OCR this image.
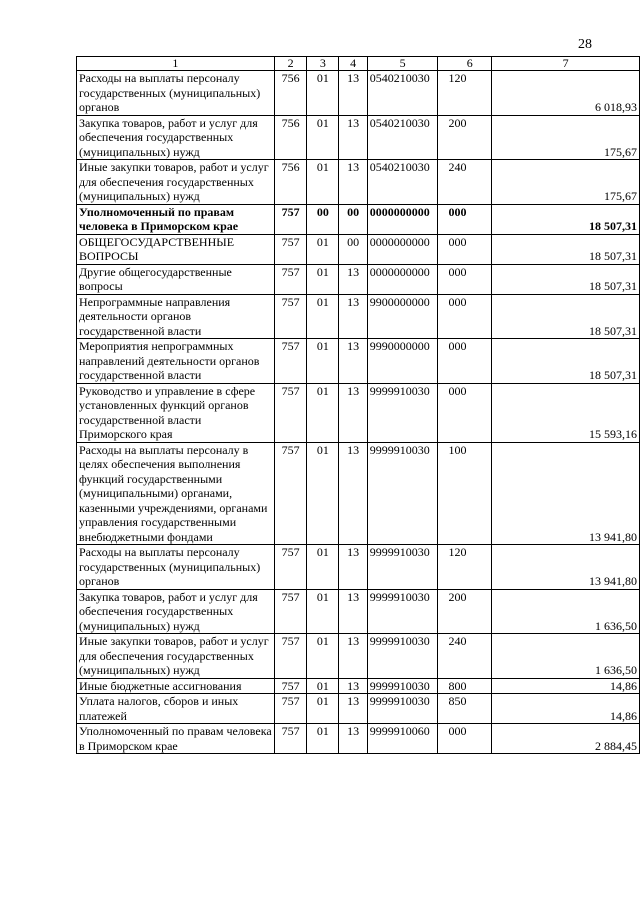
28
1	2	3	4	5	6	7
Расходы на выплаты персоналу государственных (муниципальных) органов	756	01	13	0540210030	120	6 018,93
Закупка товаров, работ и услуг для обеспечения государственных (муниципальных) нужд	756	01	13	0540210030	200	175,67
Иные закупки товаров, работ и услуг для обеспечения государственных (муниципальных) нужд	756	01	13	0540210030	240	175,67
Уполномоченный по правам человека в Приморском крае	757	00	00	0000000000	000	18 507,31
ОБЩЕГОСУДАРСТВЕННЫЕ ВОПРОСЫ	757	01	00	0000000000	000	18 507,31
Другие общегосударственные вопросы	757	01	13	0000000000	000	18 507,31
Непрограммные направления деятельности органов государственной власти	757	01	13	9900000000	000	18 507,31
Мероприятия непрограммных направлений деятельности органов государственной власти	757	01	13	9990000000	000	18 507,31
Руководство и управление в сфере установленных функций органов государственной власти Приморского края	757	01	13	9999910030	000	15 593,16
Расходы на выплаты персоналу в целях обеспечения выполнения функций государственными (муниципальными) органами, казенными учреждениями, органами управления государственными внебюджетными фондами	757	01	13	9999910030	100	13 941,80
Расходы на выплаты персоналу государственных (муниципальных) органов	757	01	13	9999910030	120	13 941,80
Закупка товаров, работ и услуг для обеспечения государственных (муниципальных) нужд	757	01	13	9999910030	200	1 636,50
Иные закупки товаров, работ и услуг для обеспечения государственных (муниципальных) нужд	757	01	13	9999910030	240	1 636,50
Иные бюджетные ассигнования	757	01	13	9999910030	800	14,86
Уплата налогов, сборов и иных платежей	757	01	13	9999910030	850	14,86
Уполномоченный по правам человека в Приморском крае	757	01	13	9999910060	000	2 884,45
